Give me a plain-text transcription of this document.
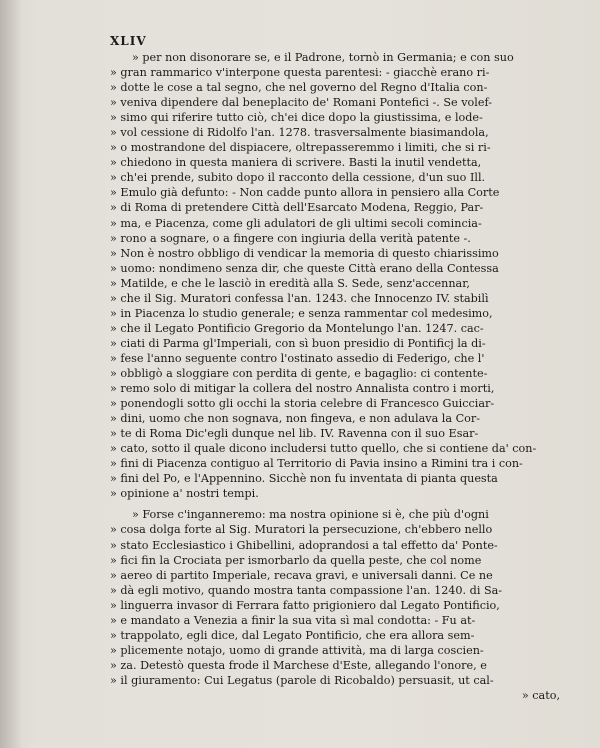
XLIV
» per non disonorare se, e il Padrone, tornò in Germania; e con suo
» gran rammarico v'interpone questa parentesi: - giacchè erano ri-
» dotte le cose a tal segno, che nel governo del Regno d'Italia con-
» veniva dipendere dal beneplacito de' Romani Pontefici -. Se volef-
» simo qui riferire tutto ciò, ch'ei dice dopo la giustissima, e lode-
» vol cessione di Ridolfo l'an. 1278. trasversalmente biasimandola,
» o mostrandone del dispiacere, oltrepasseremmo i limiti, che si ri-
» chiedono in questa maniera di scrivere. Basti la inutil vendetta,
» ch'ei prende, subito dopo il racconto della cessione, d'un suo Ill.
» Emulo già defunto: - Non cadde punto allora in pensiero alla Corte
» di Roma di pretendere Città dell'Esarcato Modena, Reggio, Par-
» ma, e Piacenza, come gli adulatori de gli ultimi secoli comincia-
» rono a sognare, o a fingere con ingiuria della verità patente -.
» Non è nostro obbligo di vendicar la memoria di questo chiarissimo
» uomo: nondimeno senza dir, che queste Città erano della Contessa
» Matilde, e che le lasciò in eredità alla S. Sede, senz'accennar,
» che il Sig. Muratori confessa l'an. 1243. che Innocenzo IV. stabilì
» in Piacenza lo studio generale; e senza rammentar col medesimo,
» che il Legato Pontificio Gregorio da Montelungo l'an. 1247. cac-
» ciati di Parma gl'Imperiali, con sì buon presidio di Pontificj la di-
» fese l'anno seguente contro l'ostinato assedio di Federigo, che l'
» obbligò a sloggiare con perdita di gente, e bagaglio: ci contente-
» remo solo di mitigar la collera del nostro Annalista contro i morti,
» ponendogli sotto gli occhi la storia celebre di Francesco Guicciar-
» dini, uomo che non sognava, non fingeva, e non adulava la Cor-
» te di Roma Dic'egli dunque nel lib. IV. Ravenna con il suo Esar-
» cato, sotto il quale dicono includersi tutto quello, che si contiene da' con-
» fini di Piacenza contiguo al Territorio di Pavia insino a Rimini tra i con-
» fini del Po, e l'Appennino. Sicchè non fu inventata di pianta questa
» opinione a' nostri tempi.
» Forse c'inganneremo: ma nostra opinione si è, che più d'ogni
» cosa dolga forte al Sig. Muratori la persecuzione, ch'ebbero nello
» stato Ecclesiastico i Ghibellini, adoprandosi a tal effetto da' Ponte-
» fici fin la Crociata per ismorbarlo da quella peste, che col nome
» aereo di partito Imperiale, recava gravi, e universali danni. Ce ne
» dà egli motivo, quando mostra tanta compassione l'an. 1240. di Sa-
» linguerra invasor di Ferrara fatto prigioniero dal Legato Pontificio,
» e mandato a Venezia a finir la sua vita sì mal condotta: - Fu at-
» trappolato, egli dice, dal Legato Pontificio, che era allora sem-
» plicemente notajo, uomo di grande attività, ma di larga coscien-
» za. Detestò questa frode il Marchese d'Este, allegando l'onore, e
» il giuramento: Cui Legatus (parole di Ricobaldo) persuasit, ut cal-
» cato,
